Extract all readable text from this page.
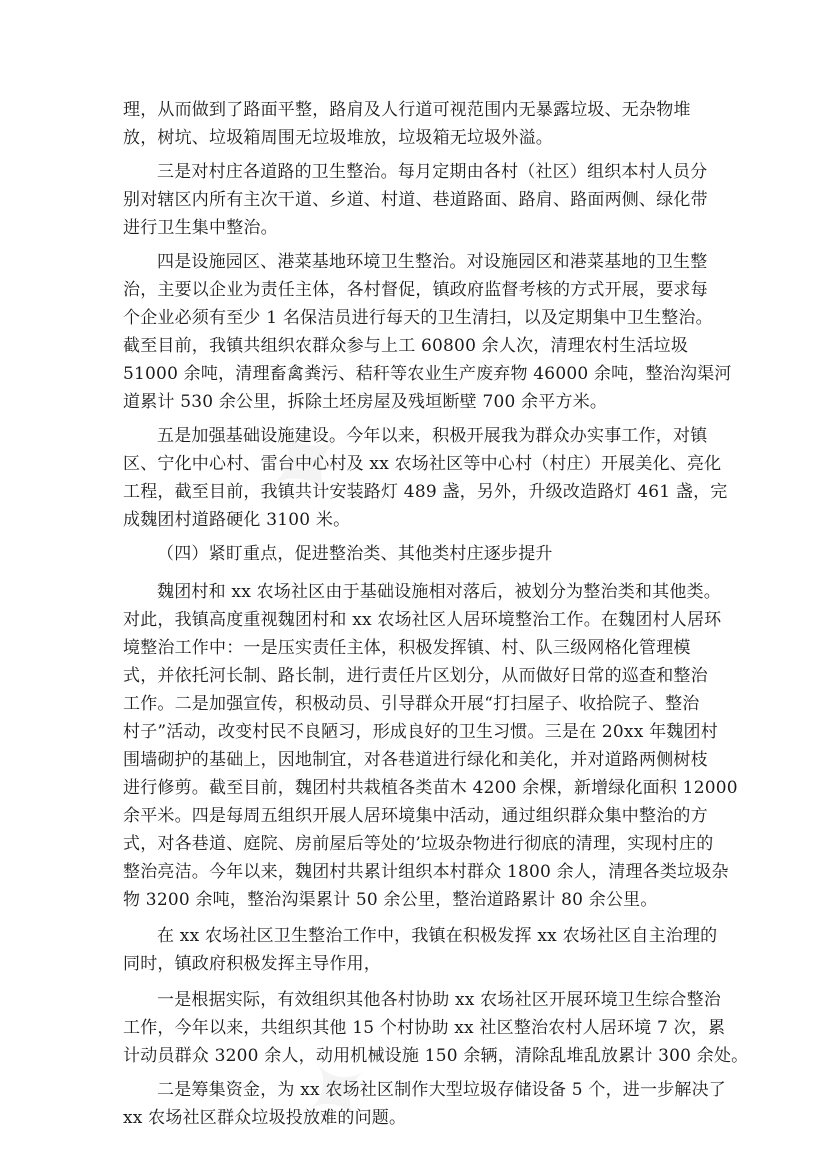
理，从而做到了路面平整，路肩及人行道可视范围内无暴露垃圾、无杂物堆
放，树坑、垃圾箱周围无垃圾堆放，垃圾箱无垃圾外溢。
三是对村庄各道路的卫生整治。每月定期由各村（社区）组织本村人员分
别对辖区内所有主次干道、乡道、村道、巷道路面、路肩、路面两侧、绿化带
进行卫生集中整治。
四是设施园区、港菜基地环境卫生整治。对设施园区和港菜基地的卫生整
治，主要以企业为责任主体，各村督促，镇政府监督考核的方式开展，要求每
个企业必须有至少 1 名保洁员进行每天的卫生清扫，以及定期集中卫生整治。
截至目前，我镇共组织农群众参与上工 60800 余人次，清理农村生活垃圾
51000 余吨，清理畜禽粪污、秸秆等农业生产废弃物 46000 余吨，整治沟渠河
道累计 530 余公里，拆除土坯房屋及残垣断壁 700 余平方米。
五是加强基础设施建设。今年以来，积极开展我为群众办实事工作，对镇
区、宁化中心村、雷台中心村及 xx 农场社区等中心村（村庄）开展美化、亮化
工程，截至目前，我镇共计安装路灯 489 盏，另外，升级改造路灯 461 盏，完
成魏团村道路硬化 3100 米。
（四）紧盯重点，促进整治类、其他类村庄逐步提升
魏团村和 xx 农场社区由于基础设施相对落后，被划分为整治类和其他类。
对此，我镇高度重视魏团村和 xx 农场社区人居环境整治工作。在魏团村人居环
境整治工作中：一是压实责任主体，积极发挥镇、村、队三级网格化管理模
式，并依托河长制、路长制，进行责任片区划分，从而做好日常的巡查和整治
工作。二是加强宣传，积极动员、引导群众开展“打扫屋子、收拾院子、整治
村子”活动，改变村民不良陋习，形成良好的卫生习惯。三是在 20xx 年魏团村
围墙砌护的基础上，因地制宜，对各巷道进行绿化和美化，并对道路两侧树枝
进行修剪。截至目前，魏团村共栽植各类苗木 4200 余棵，新增绿化面积 12000
余平米。四是每周五组织开展人居环境集中活动，通过组织群众集中整治的方
式，对各巷道、庭院、房前屋后等处的’垃圾杂物进行彻底的清理，实现村庄的
整治亮洁。今年以来，魏团村共累计组织本村群众 1800 余人，清理各类垃圾杂
物 3200 余吨，整治沟渠累计 50 余公里，整治道路累计 80 余公里。
在 xx 农场社区卫生整治工作中，我镇在积极发挥 xx 农场社区自主治理的
同时，镇政府积极发挥主导作用，
一是根据实际，有效组织其他各村协助 xx 农场社区开展环境卫生综合整治
工作，今年以来，共组织其他 15 个村协助 xx 社区整治农村人居环境 7 次，累
计动员群众 3200 余人，动用机械设施 150 余辆，清除乱堆乱放累计 300 余处。
二是筹集资金，为 xx 农场社区制作大型垃圾存储设备 5 个，进一步解决了
xx 农场社区群众垃圾投放难的问题。
